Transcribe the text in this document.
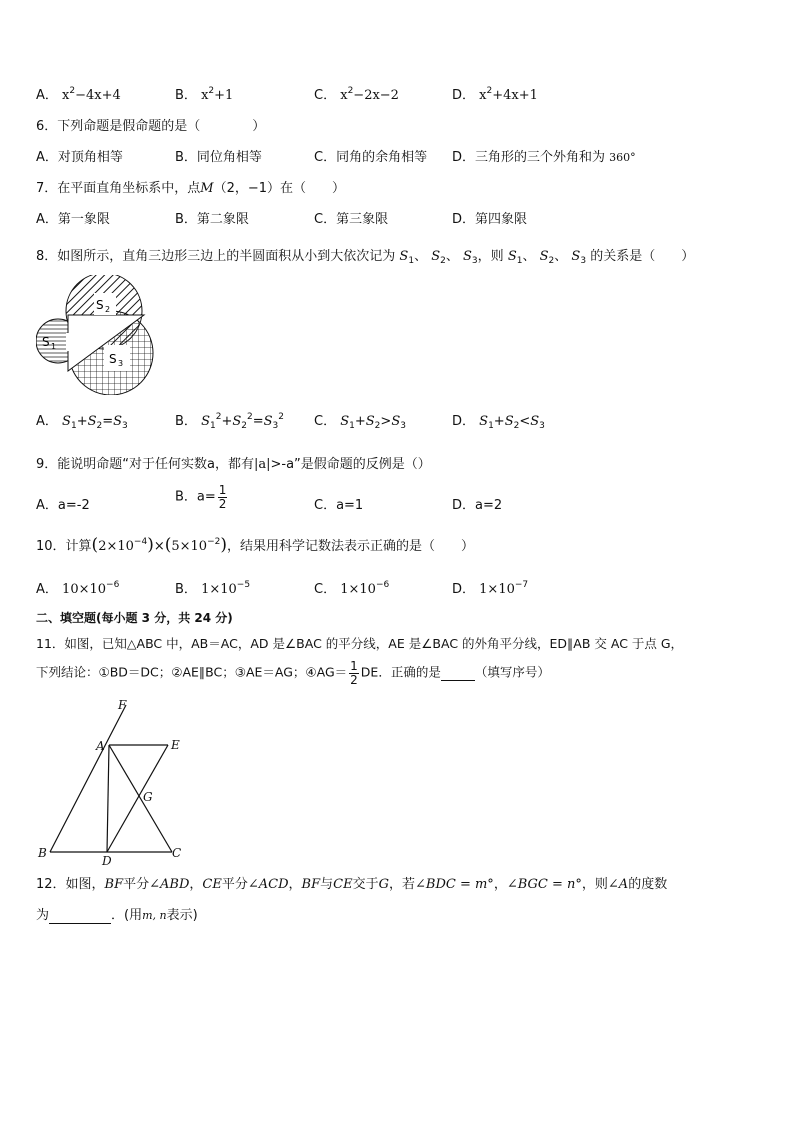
A． $x^2-4x+4$	B． $x^2+1$	C． $x^2-2x-2$	D． $x^2+4x+1$
6．下列命题是假命题的是（　　　　）
A．对顶角相等	B．同位角相等	C．同角的余角相等 D．三角形的三个外角和为 360°
7．在平面直角坐标系中，点M（2，−1）在（　　）
A．第一象限	B．第二象限	C．第三象限	D．第四象限
8．如图所示，直角三边形三边上的半圆面积从小到大依次记为 $S_1$、 $S_2$、 $S_3$，则 $S_1$、 $S_2$、 $S_3$ 的关系是（　　）
S 2
S 1
S 3
A． $S_1+S_2=S_3$	B． $S_1^2+S_2^2=S_3^2$ C． $S_1+S_2>S_3$	D． $S_1+S_2<S_3$
9．能说明命题“对于任何实数a，都有|a|>-a”是假命题的反例是（）
A．a=-2
B．$a= \frac{1}{2}$	C．a=1	D．a=2
10．计算$(2\times 10^{-4})\times(5\times 10^{-2})$，结果用科学记数法表示正确的是（　　）
A． $10\times 10^{-6}$	B． $1\times 10^{-5}$	C． $1\times 10^{-6}$	D． $1\times 10^{-7}$
二、填空题(每小题 3 分，共 24 分)
11．如图，已知△ABC 中，AB＝AC，AD 是∠BAC 的平分线，AE 是∠BAC 的外角平分线，ED∥AB 交 AC 于点 G，
下列结论：①BD＝DC；②AE∥BC；③AE＝AG；④AG＝ $\frac{1}{2}$ DE．正确的是	（填写序号）
F
A	E
G
B
D
C
12．如图，BF平分∠ABD，CE平分∠ACD，BF与CE交于G，若∠BDC = m°，∠BGC = n°，则∠A的度数
为	．(用m, n表示)
